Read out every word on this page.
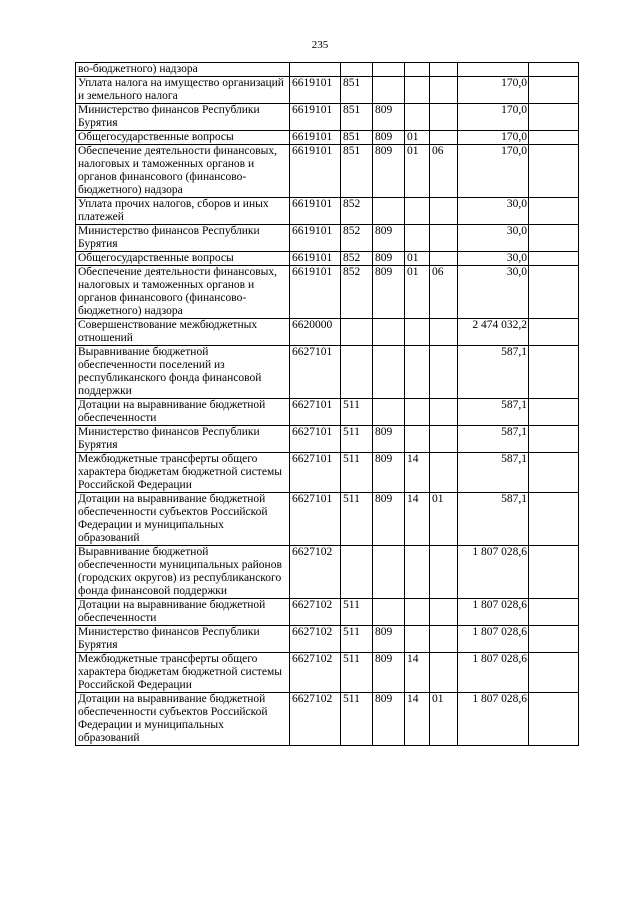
235
во-бюджетного) надзора							
Уплата налога на имущество организаций и земельного налога	6619101	851				170,0	
Министерство финансов Республики Бурятия	6619101	851	809			170,0	
Общегосударственные вопросы	6619101	851	809	01		170,0	
Обеспечение деятельности финансовых, налоговых и таможенных органов и органов финансового (финансово-бюджетного) надзора	6619101	851	809	01	06	170,0	
Уплата прочих налогов, сборов и иных платежей	6619101	852				30,0	
Министерство финансов Республики Бурятия	6619101	852	809			30,0	
Общегосударственные вопросы	6619101	852	809	01		30,0	
Обеспечение деятельности финансовых, налоговых и таможенных органов и органов финансового (финансово-бюджетного) надзора	6619101	852	809	01	06	30,0	
Совершенствование межбюджетных отношений	6620000					2 474 032,2	
Выравнивание бюджетной обеспеченности поселений из республиканского фонда финансовой поддержки	6627101					587,1	
Дотации на выравнивание бюджетной обеспеченности	6627101	511				587,1	
Министерство финансов Республики Бурятия	6627101	511	809			587,1	
Межбюджетные трансферты общего характера бюджетам бюджетной системы Российской Федерации	6627101	511	809	14		587,1	
Дотации на выравнивание бюджетной обеспеченности субъектов Российской Федерации и муниципальных образований	6627101	511	809	14	01	587,1	
Выравнивание бюджетной обеспеченности муниципальных районов (городских округов) из республиканского фонда финансовой поддержки	6627102					1 807 028,6	
Дотации на выравнивание бюджетной обеспеченности	6627102	511				1 807 028,6	
Министерство финансов Республики Бурятия	6627102	511	809			1 807 028,6	
Межбюджетные трансферты общего характера бюджетам бюджетной системы Российской Федерации	6627102	511	809	14		1 807 028,6	
Дотации на выравнивание бюджетной обеспеченности субъектов Российской Федерации и муниципальных образований	6627102	511	809	14	01	1 807 028,6	
